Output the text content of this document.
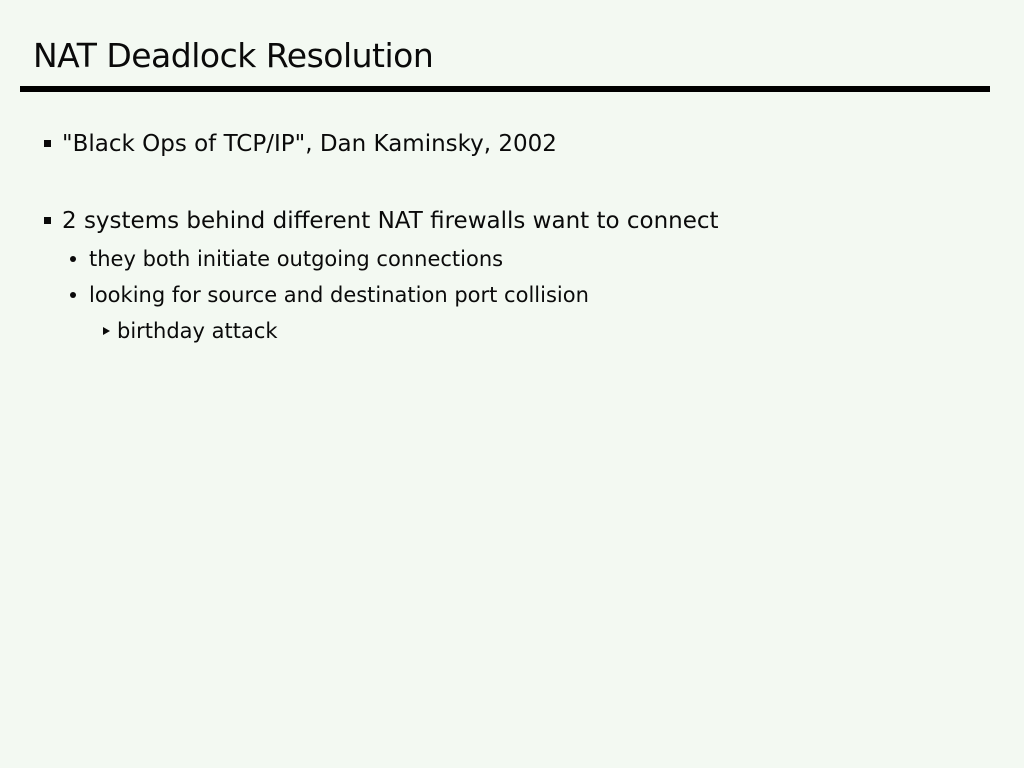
NAT Deadlock Resolution
"Black Ops of TCP/IP", Dan Kaminsky, 2002
2 systems behind different NAT firewalls want to connect
they both initiate outgoing connections
looking for source and destination port collision
birthday attack
